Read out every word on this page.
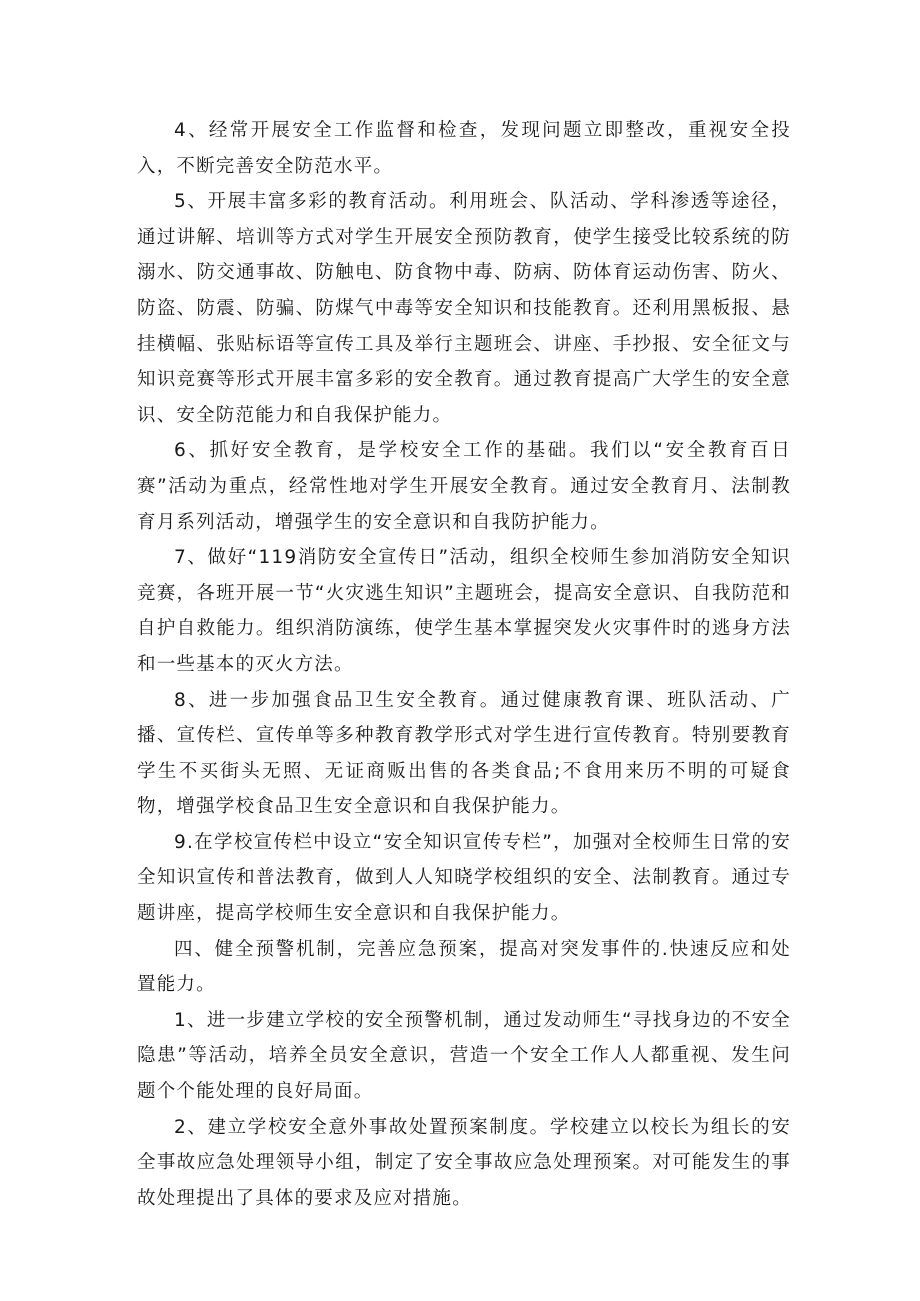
4、经常开展安全工作监督和检查，发现问题立即整改，重视安全投入，不断完善安全防范水平。

5、开展丰富多彩的教育活动。利用班会、队活动、学科渗透等途径，通过讲解、培训等方式对学生开展安全预防教育，使学生接受比较系统的防溺水、防交通事故、防触电、防食物中毒、防病、防体育运动伤害、防火、防盗、防震、防骗、防煤气中毒等安全知识和技能教育。还利用黑板报、悬挂横幅、张贴标语等宣传工具及举行主题班会、讲座、手抄报、安全征文与知识竞赛等形式开展丰富多彩的安全教育。通过教育提高广大学生的安全意识、安全防范能力和自我保护能力。

6、抓好安全教育，是学校安全工作的基础。我们以“安全教育百日赛”活动为重点，经常性地对学生开展安全教育。通过安全教育月、法制教育月系列活动，增强学生的安全意识和自我防护能力。

7、做好“119消防安全宣传日”活动，组织全校师生参加消防安全知识竞赛，各班开展一节“火灾逃生知识”主题班会，提高安全意识、自我防范和自护自救能力。组织消防演练，使学生基本掌握突发火灾事件时的逃身方法和一些基本的灭火方法。

8、进一步加强食品卫生安全教育。通过健康教育课、班队活动、广播、宣传栏、宣传单等多种教育教学形式对学生进行宣传教育。特别要教育学生不买街头无照、无证商贩出售的各类食品;不食用来历不明的可疑食物，增强学校食品卫生安全意识和自我保护能力。

9.在学校宣传栏中设立“安全知识宣传专栏”，加强对全校师生日常的安全知识宣传和普法教育，做到人人知晓学校组织的安全、法制教育。通过专题讲座，提高学校师生安全意识和自我保护能力。

四、健全预警机制，完善应急预案，提高对突发事件的.快速反应和处置能力。

1、进一步建立学校的安全预警机制，通过发动师生“寻找身边的不安全隐患”等活动，培养全员安全意识，营造一个安全工作人人都重视、发生问题个个能处理的良好局面。

2、建立学校安全意外事故处置预案制度。学校建立以校长为组长的安全事故应急处理领导小组，制定了安全事故应急处理预案。对可能发生的事故处理提出了具体的要求及应对措施。
